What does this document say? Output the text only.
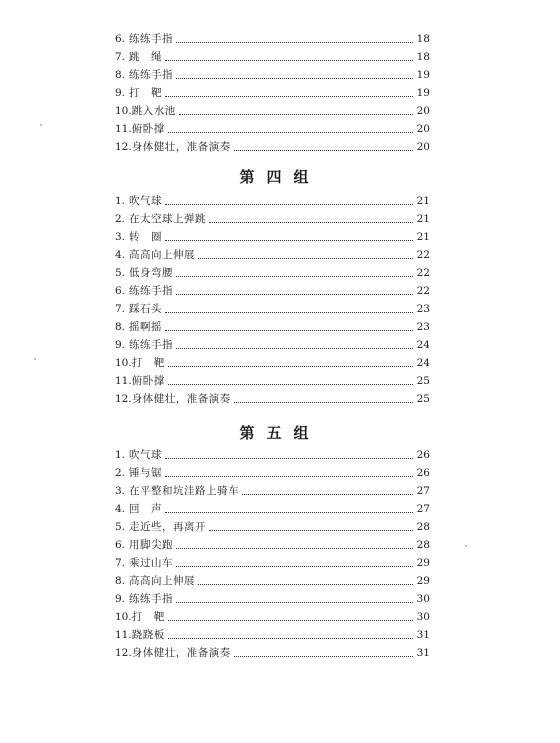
6. 练练手指	18
7. 跳　绳	18
8. 练练手指	19
9. 打　靶	19
10. 跳入水池	20
11. 俯卧撑	20
12. 身体健壮，准备演奏	20
第四组
1. 吹气球	21
2. 在太空球上弹跳	21
3. 转　圈	21
4. 高高向上伸展	22
5. 低身弯腰	22
6. 练练手指	22
7. 踩石头	23
8. 摇啊摇	23
9. 练练手指	24
10. 打　靶	24
11. 俯卧撑	25
12. 身体健壮，准备演奏	25
第五组
1. 吹气球	26
2. 锤与锯	26
3. 在平整和坑洼路上骑车	27
4. 回　声	27
5. 走近些，再离开	28
6. 用脚尖跑	28
7. 乘过山车	29
8. 高高向上伸展	29
9. 练练手指	30
10. 打　靶	30
11. 跷跷板	31
12. 身体健壮，准备演奏	31
